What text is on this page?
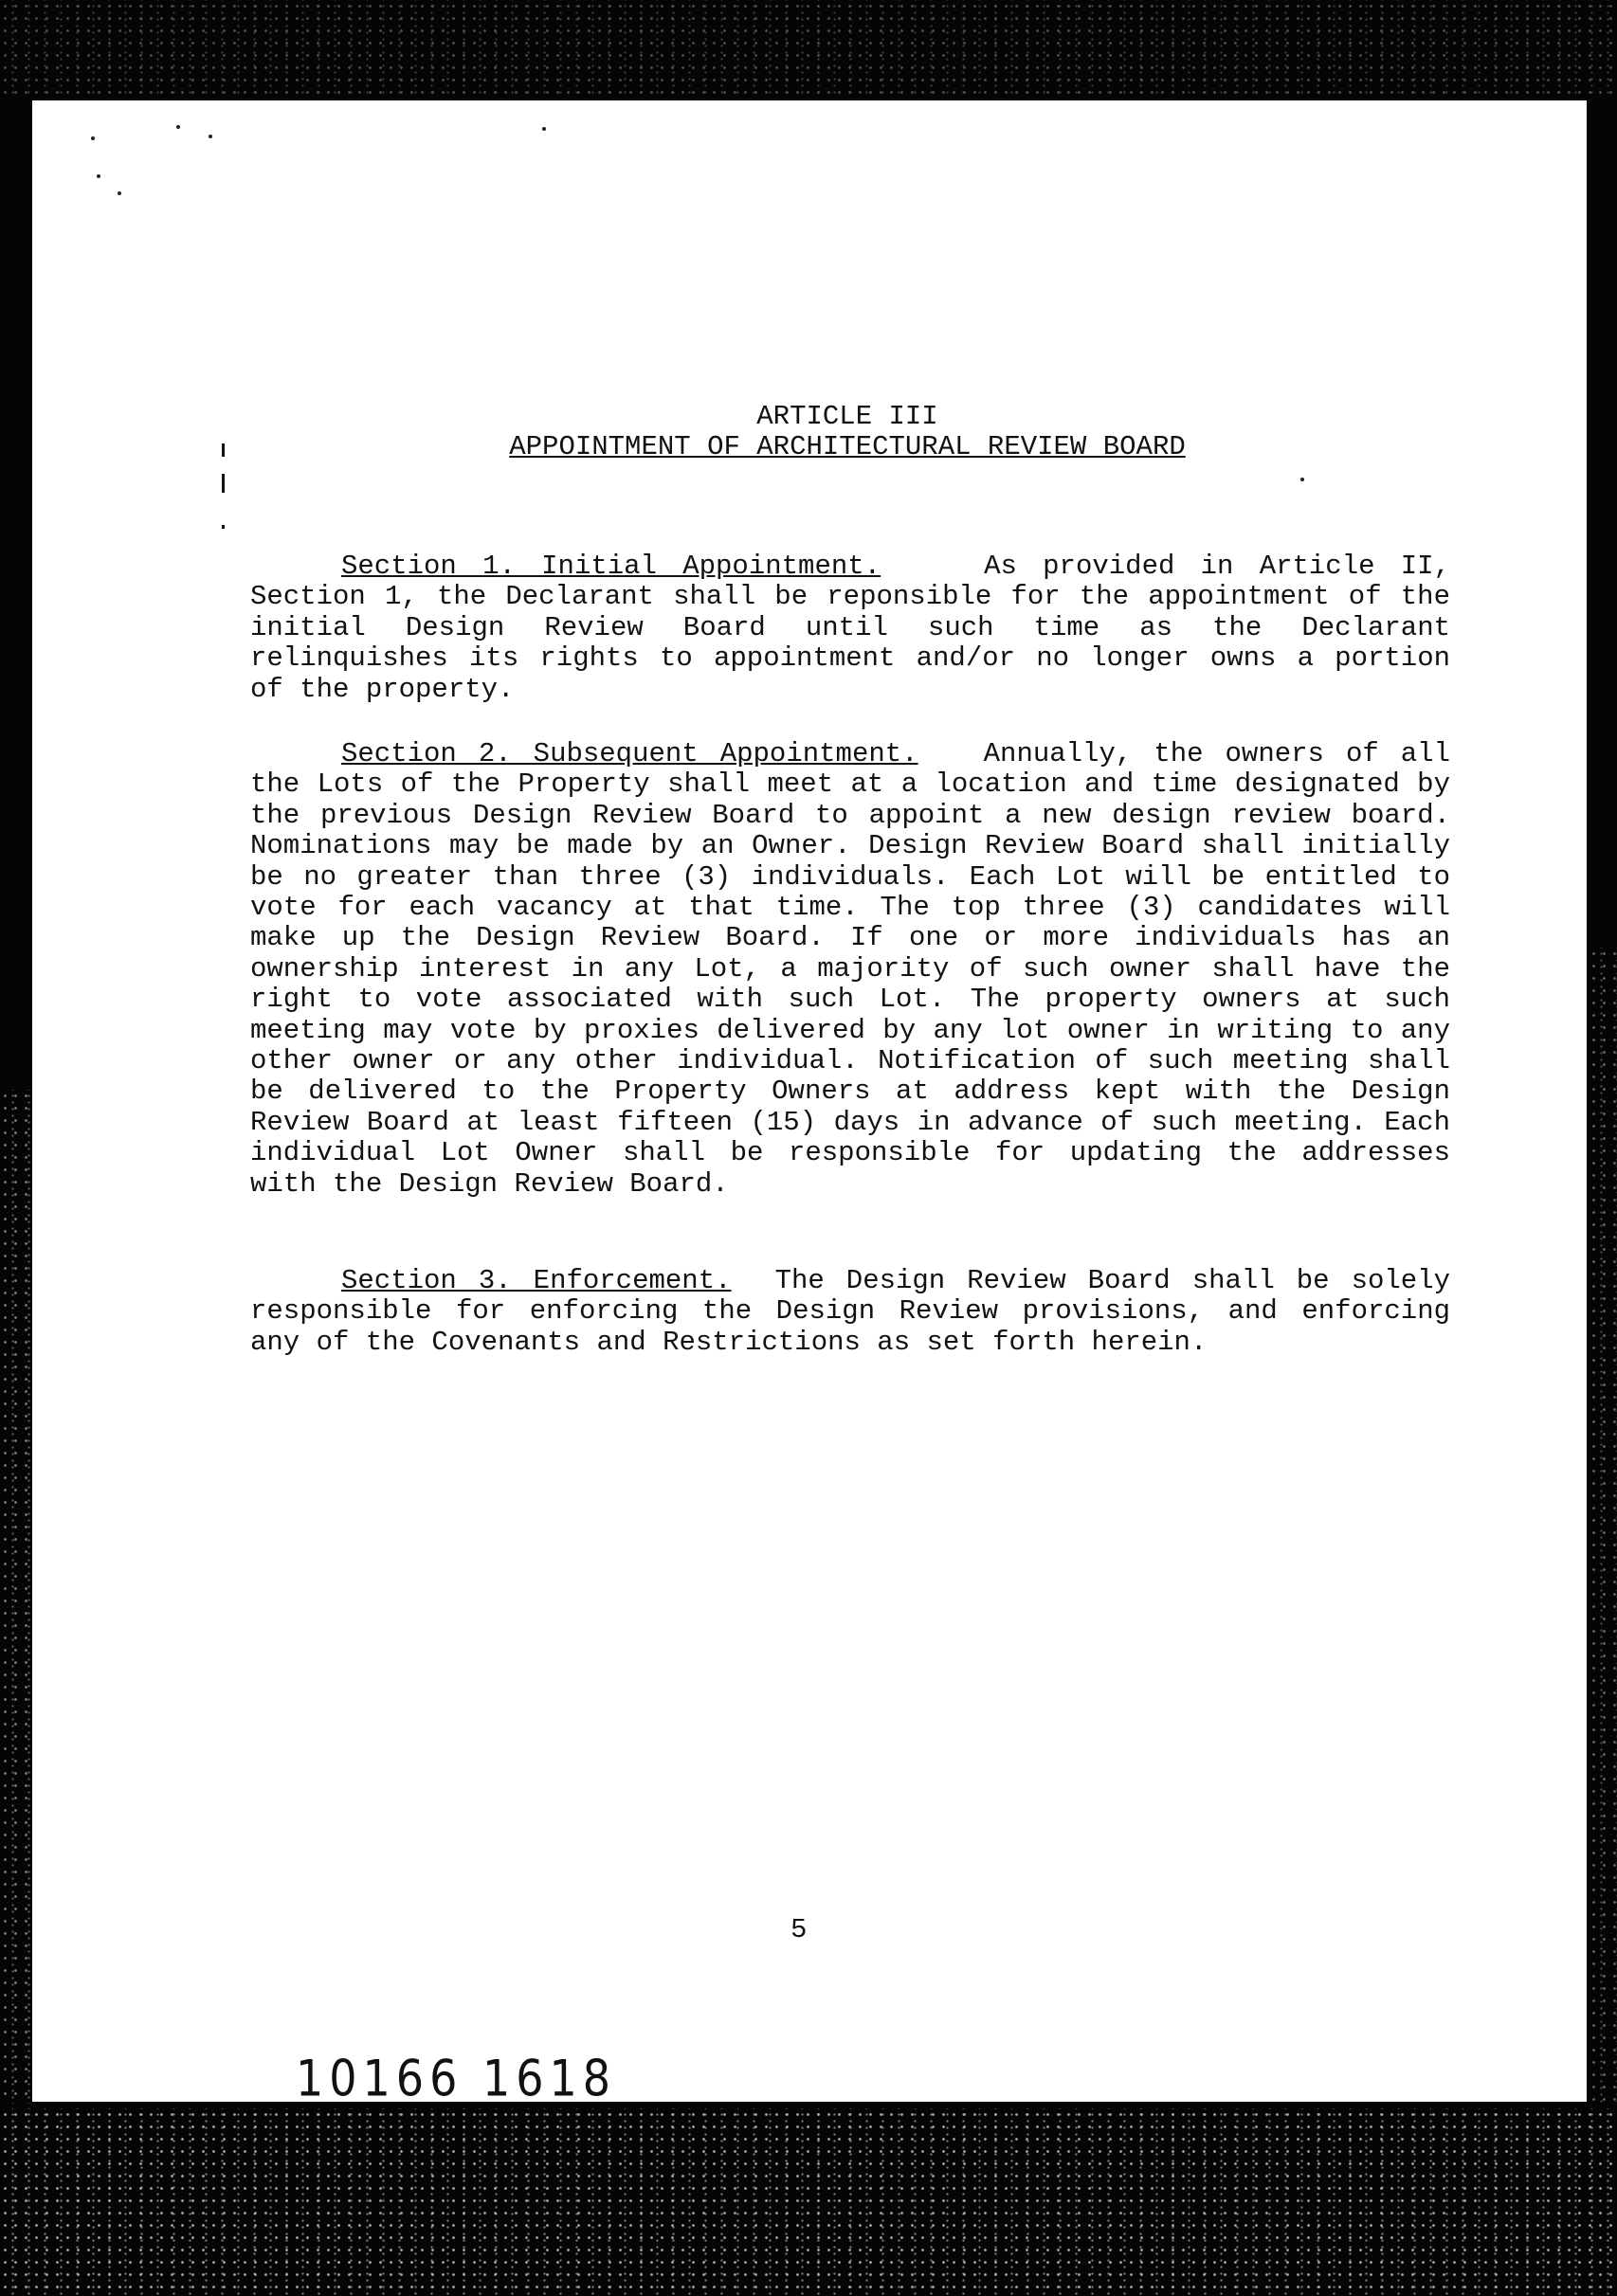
ARTICLE III
APPOINTMENT OF ARCHITECTURAL REVIEW BOARD

Section 1. Initial Appointment.	As provided in Article II, Section 1, the Declarant shall be reponsible for the appointment of the initial Design Review Board until such time as the Declarant relinquishes its rights to appointment and/or no longer owns a portion of the property.

Section 2. Subsequent Appointment. Annually, the owners of all the Lots of the Property shall meet at a location and time designated by the previous Design Review Board to appoint a new design review board. Nominations may be made by an Owner. Design Review Board shall initially be no greater than three (3) individuals. Each Lot will be entitled to vote for each vacancy at that time. The top three (3) candidates will make up the Design Review Board. If one or more individuals has an ownership interest in any Lot, a majority of such owner shall have the right to vote associated with such Lot. The property owners at such meeting may vote by proxies delivered by any lot owner in writing to any other owner or any other individual. Notification of such meeting shall be delivered to the Property Owners at address kept with the Design Review Board at least fifteen (15) days in advance of such meeting. Each individual Lot Owner shall be responsible for updating the addresses with the Design Review Board.

Section 3. Enforcement. The Design Review Board shall be solely responsible for enforcing the Design Review provisions, and enforcing any of the Covenants and Restrictions as set forth herein.

5
10166 1618
